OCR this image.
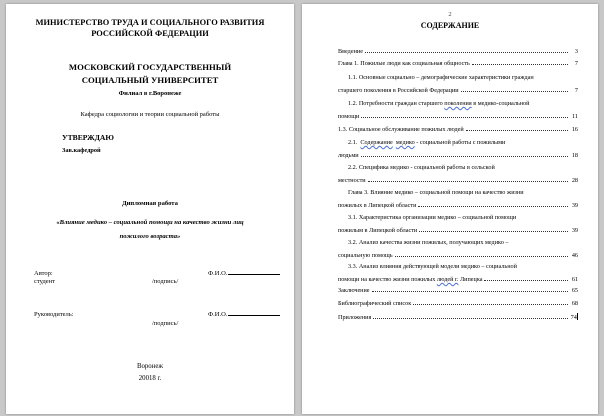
МИНИСТЕРСТВО ТРУДА И СОЦИАЛЬНОГО РАЗВИТИЯ
РОССИЙСКОЙ ФЕДЕРАЦИИ
МОСКОВСКИЙ ГОСУДАРСТВЕННЫЙ
СОЦИАЛЬНЫЙ УНИВЕРСИТЕТ
Филиал в г.Воронеже
Кафедра социологии и теории социальной работы
УТВЕРЖДАЮ
Зав.кафедрой
Дипломная работа
«Влияние медико – социальной помощи на качество жизни лиц
пожилого возраста»
Автор:
студент	/подпись/
Ф.И.О.
Руководитель:
/подпись/
Ф.И.О.
Воронеж
20018 г.
2
СОДЕРЖАНИЕ
Введение	3
Глава 1. Пожилые люди как социальная общность	7
1.1. Основные социально – демографические характеристики граждан
старшего поколения в Российской Федерации	7
1.2. Потребности граждан старшего
поколения
в медико-социальной
помощи	11
1.3. Социальное обслуживание пожилых людей	16
2.1.
Содержание
медико
- социальной работы с пожилыми
людьми	18
2.2. Специфика медико - социальной работы в сельской
местности	28
Глава 3. Влияние медико – социальной помощи на качество жизни
пожилых в Липецкой области	39
3.1. Характеристика организации медико – социальной помощи
пожилым в Липецкой области	39
3.2. Анализ качества жизни пожилых, получающих медико –
социальную помощь	46
3.3. Анализ влияния действующей модели медико – социальной
помощи на качество жизни пожилых
людей г.
Липецка	61
Заключение	65
Библиографический список	68
Приложения	74
